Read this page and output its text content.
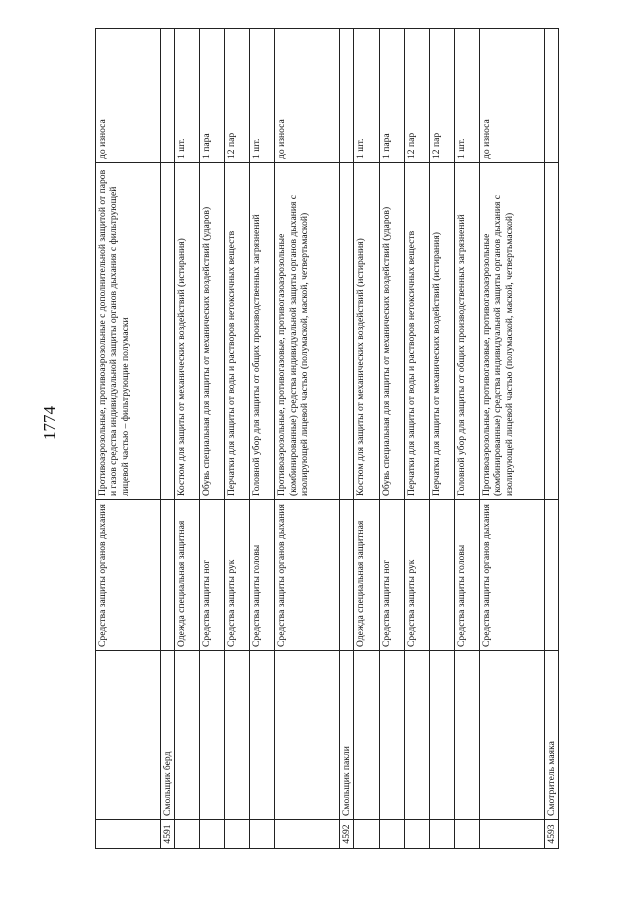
1774
		Средства защиты органов дыхания	Противоаэрозольные, противоаэрозольные с дополнительной защитой от паров и газов средства индивидуальной защиты органов дыхания с фильтрующей лицевой частью – фильтрующие полумаски	до износа
4591	Смольщик берд			
		Одежда специальная защитная	Костюм для защиты от механических воздействий (истирания)	1 шт.
		Средства защиты ног	Обувь специальная для защиты от механических воздействий (ударов)	1 пара
		Средства защиты рук	Перчатки для защиты от воды и растворов нетоксичных веществ	12 пар
		Средства защиты головы	Головной убор для защиты от общих производственных загрязнений	1 шт.
		Средства защиты органов дыхания	Противоаэрозольные, противогазовые, противогазоаэрозольные (комбинированные) средства индивидуальной защиты органов дыхания с изолирующей лицевой частью (полумаской, маской, четвертьмаской)	до износа
4592	Смольщик пакли			
		Одежда специальная защитная	Костюм для защиты от механических воздействий (истирания)	1 шт.
		Средства защиты ног	Обувь специальная для защиты от механических воздействий (ударов)	1 пара
		Средства защиты рук	Перчатки для защиты от воды и растворов нетоксичных веществ	12 пар
			Перчатки для защиты от механических воздействий (истирания)	12 пар
		Средства защиты головы	Головной убор для защиты от общих производственных загрязнений	1 шт.
		Средства защиты органов дыхания	Противоаэрозольные, противогазовые, противогазоаэрозольные (комбинированные) средства индивидуальной защиты органов дыхания с изолирующей лицевой частью (полумаской, маской, четвертьмаской)	до износа
4593	Смотритель маяка			
